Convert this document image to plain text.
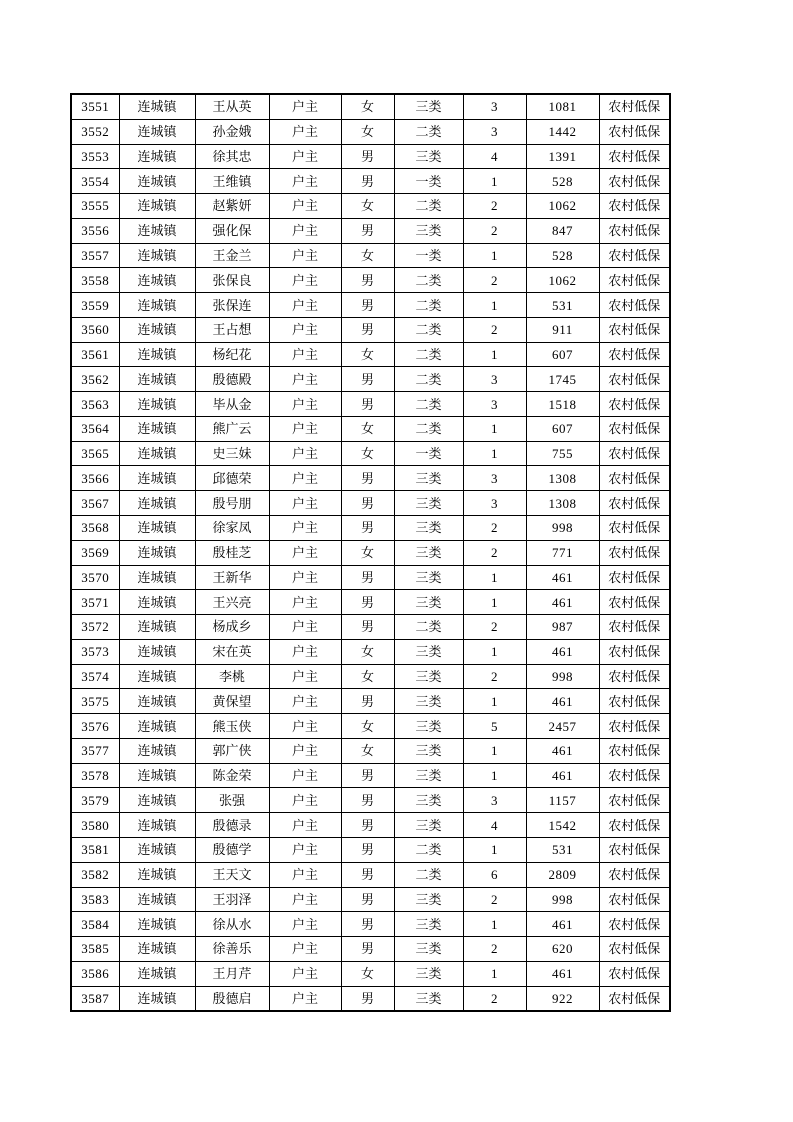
3551	连城镇	王从英	户主	女	三类	3	1081	农村低保
3552	连城镇	孙金娥	户主	女	二类	3	1442	农村低保
3553	连城镇	徐其忠	户主	男	三类	4	1391	农村低保
3554	连城镇	王维镇	户主	男	一类	1	528	农村低保
3555	连城镇	赵紫妍	户主	女	二类	2	1062	农村低保
3556	连城镇	强化保	户主	男	三类	2	847	农村低保
3557	连城镇	王金兰	户主	女	一类	1	528	农村低保
3558	连城镇	张保良	户主	男	二类	2	1062	农村低保
3559	连城镇	张保连	户主	男	二类	1	531	农村低保
3560	连城镇	王占想	户主	男	二类	2	911	农村低保
3561	连城镇	杨纪花	户主	女	二类	1	607	农村低保
3562	连城镇	殷德殿	户主	男	二类	3	1745	农村低保
3563	连城镇	毕从金	户主	男	二类	3	1518	农村低保
3564	连城镇	熊广云	户主	女	二类	1	607	农村低保
3565	连城镇	史三妹	户主	女	一类	1	755	农村低保
3566	连城镇	邱德荣	户主	男	三类	3	1308	农村低保
3567	连城镇	殷号朋	户主	男	三类	3	1308	农村低保
3568	连城镇	徐家凤	户主	男	三类	2	998	农村低保
3569	连城镇	殷桂芝	户主	女	三类	2	771	农村低保
3570	连城镇	王新华	户主	男	三类	1	461	农村低保
3571	连城镇	王兴亮	户主	男	三类	1	461	农村低保
3572	连城镇	杨成乡	户主	男	二类	2	987	农村低保
3573	连城镇	宋在英	户主	女	三类	1	461	农村低保
3574	连城镇	李桃	户主	女	三类	2	998	农村低保
3575	连城镇	黄保望	户主	男	三类	1	461	农村低保
3576	连城镇	熊玉侠	户主	女	三类	5	2457	农村低保
3577	连城镇	郭广侠	户主	女	三类	1	461	农村低保
3578	连城镇	陈金荣	户主	男	三类	1	461	农村低保
3579	连城镇	张强	户主	男	三类	3	1157	农村低保
3580	连城镇	殷德录	户主	男	三类	4	1542	农村低保
3581	连城镇	殷德学	户主	男	二类	1	531	农村低保
3582	连城镇	王天文	户主	男	二类	6	2809	农村低保
3583	连城镇	王羽泽	户主	男	三类	2	998	农村低保
3584	连城镇	徐从水	户主	男	三类	1	461	农村低保
3585	连城镇	徐善乐	户主	男	三类	2	620	农村低保
3586	连城镇	王月芹	户主	女	三类	1	461	农村低保
3587	连城镇	殷德启	户主	男	三类	2	922	农村低保
